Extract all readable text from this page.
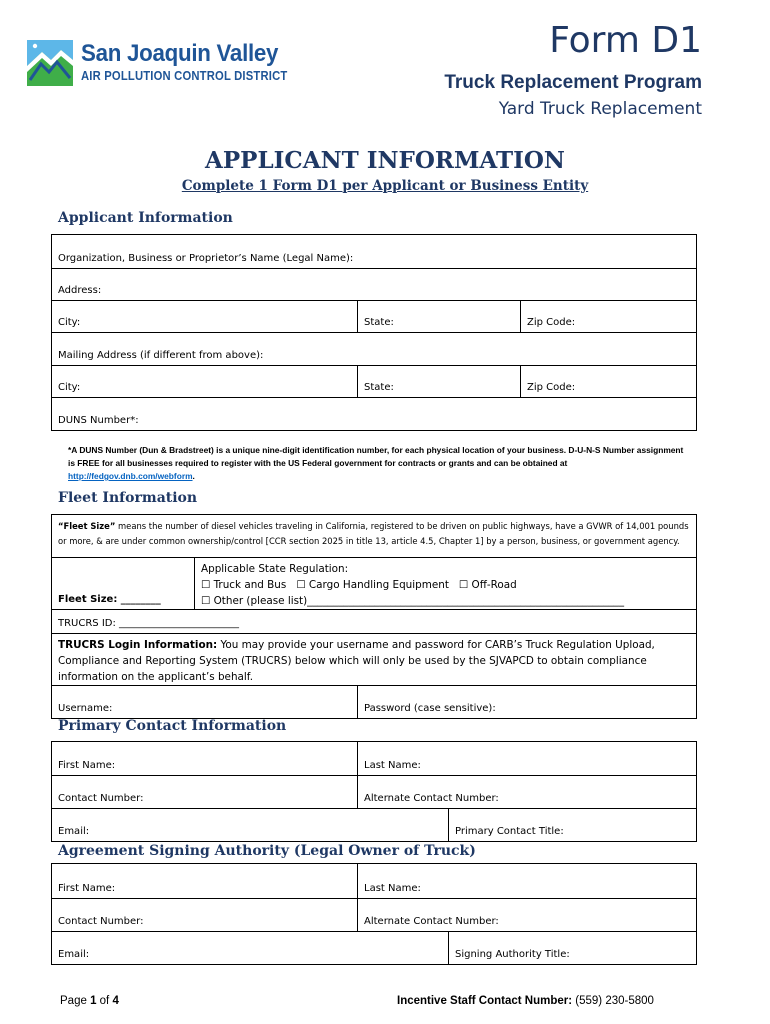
San Joaquin Valley
AIR POLLUTION CONTROL DISTRICT
Form D1
Truck Replacement Program
Yard Truck Replacement
APPLICANT INFORMATION
Complete 1 Form D1 per Applicant or Business Entity
Applicant Information
Organization, Business or Proprietor’s Name (Legal Name):
Address:
City:	State:	Zip Code:
Mailing Address (if different from above):
City:	State:	Zip Code:
DUNS Number*:
*A DUNS Number (Dun & Bradstreet) is a unique nine-digit identification number, for each physical location of your business. D-U-N-S Number assignment is FREE for all businesses required to register with the US Federal government for contracts or grants and can be obtained at http://fedgov.dnb.com/webform.
Fleet Information
“Fleet Size” means the number of diesel vehicles traveling in California, registered to be driven on public highways, have a GVWR of 14,001 pounds or more, & are under common ownership/control [CCR section 2025 in title 13, article 4.5, Chapter 1] by a person, business, or government agency.
Fleet Size: ________
Applicable State Regulation:
☐ Truck and Bus ☐ Cargo Handling Equipment ☐ Off-Road
☐ Other (please list)_____________________________________________________________
TRUCRS ID: ________________________
TRUCRS Login Information: You may provide your username and password for CARB’s Truck Regulation Upload, Compliance and Reporting System (TRUCRS) below which will only be used by the SJVAPCD to obtain compliance information on the applicant’s behalf.
Username:	Password (case sensitive):
Primary Contact Information
First Name:	Last Name:
Contact Number:	Alternate Contact Number:
Email:	Primary Contact Title:
Agreement Signing Authority (Legal Owner of Truck)
First Name:	Last Name:
Contact Number:	Alternate Contact Number:
Email:	Signing Authority Title:
Page 1 of 4	Incentive Staff Contact Number: (559) 230-5800
